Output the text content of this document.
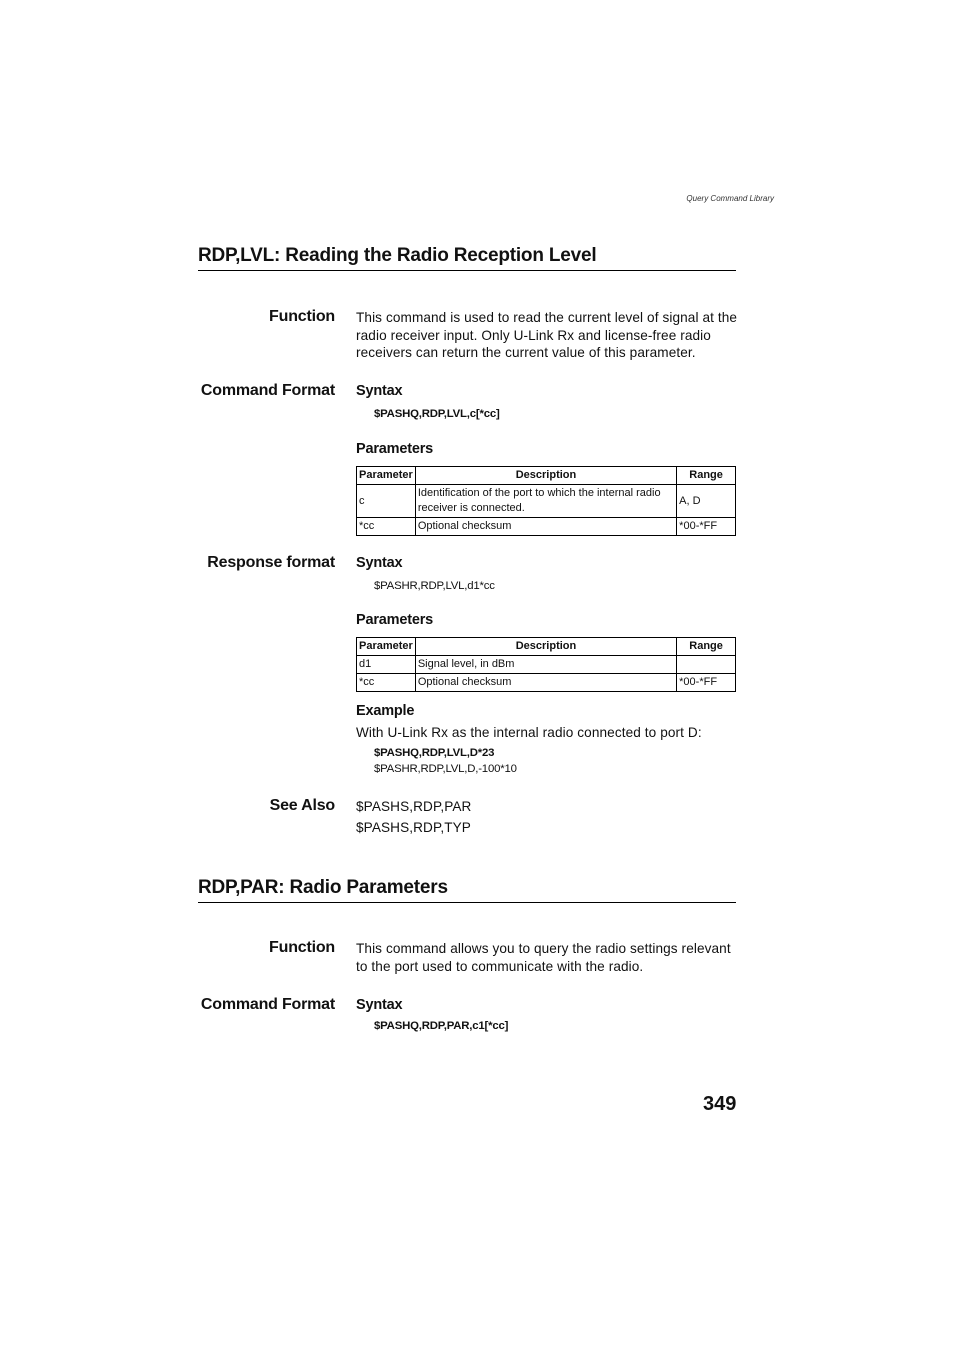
Query Command Library
RDP,LVL: Reading the Radio Reception Level
Function This command is used to read the current level of signal at the radio receiver input. Only U-Link Rx and license-free radio receivers can return the current value of this parameter.
Command Format Syntax
$PASHQ,RDP,LVL,c[*cc]
Parameters
Parameter	Description	Range
c	Identification of the port to which the internal radio receiver is connected.	A, D
*cc	Optional checksum	*00-*FF
Response format Syntax
$PASHR,RDP,LVL,d1*cc
Parameters
Parameter	Description	Range
d1	Signal level, in dBm	
*cc	Optional checksum	*00-*FF
Example
With U-Link Rx as the internal radio connected to port D:
$PASHQ,RDP,LVL,D*23
$PASHR,RDP,LVL,D,-100*10
See Also $PASHS,RDP,PAR
$PASHS,RDP,TYP
RDP,PAR: Radio Parameters
Function This command allows you to query the radio settings relevant to the port used to communicate with the radio.
Command Format Syntax
$PASHQ,RDP,PAR,c1[*cc]
349
